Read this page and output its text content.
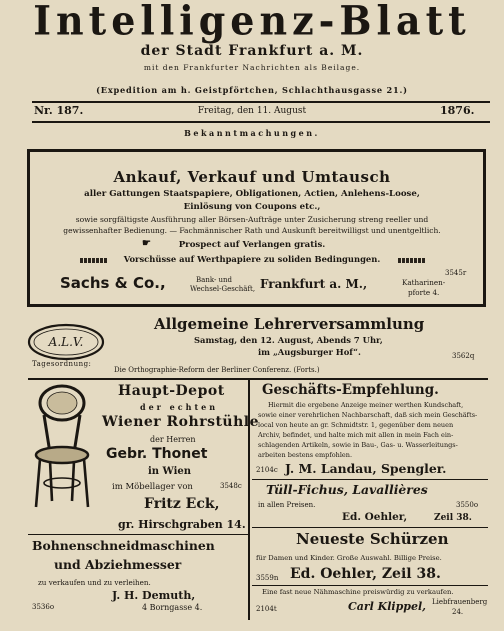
Intelligenz-Blatt
der Stadt Frankfurt a. M.
mit den Frankfurter Nachrichten als Beilage.
(Expedition am h. Geistpförtchen, Schlachthausgasse 21.)
Nr. 187.	Freitag, den 11. August	1876.
Bekanntmachungen.
Ankauf, Verkauf und Umtausch
aller Gattungen Staatspapiere, Obligationen, Actien, Anlehens-Loose,
Einlösung von Coupons etc.,
sowie sorgfältigste Ausführung aller Börsen-Aufträge unter Zusicherung streng reeller und
gewissenhafter Bedienung. — Fachmännischer Rath und Auskunft bereitwilligst und unentgeltlich.
☛	Prospect auf Verlangen gratis.
Vorschüsse auf Werthpapiere zu soliden Bedingungen.
3545r
Sachs & Co.,	Bank- und
Wechsel-Geschäft, Frankfurt a. M.,	Katharinen-
pforte 4.
A.L.V.
Allgemeine Lehrerversammlung
Samstag, den 12. August, Abends 7 Uhr,
im „Augsburger Hof“.	3562q
Tagesordnung:
Die Orthographie-Reform der Berliner Conferenz. (Forts.)
Haupt-Depot
der echten
Wiener Rohrstühle
der Herren
Gebr. Thonet
in Wien
3548c
im Möbellager von
Fritz Eck,
gr. Hirschgraben 14.
Bohnenschneidmaschinen
und Abziehmesser
zu verkaufen und zu verleihen.
J. H. Demuth,
3536o	4 Borngasse 4.
Geschäfts-Empfehlung.
Hiermit die ergebene Anzeige meiner werthen Kundschaft,
sowie einer verehrlichen Nachbarschaft, daß sich mein Geschäfts-
local von heute an gr. Schmidtstr. 1, gegenüber dem neuen
Archiv, befindet, und halte mich mit allen in mein Fach ein-
schlagenden Artikeln, sowie in Bau-, Gas- u. Wasserleitungs-
arbeiten bestens empfohlen.
2104c J. M. Landau, Spengler.
Tüll-Fichus, Lavallières
in allen Preisen.	3550o
Ed. Oehler,	Zeil 38.
Neueste Schürzen
für Damen und Kinder. Große Auswahl. Billige Preise.
3559n Ed. Oehler, Zeil 38.
Eine fast neue Nähmaschine preiswürdig zu verkaufen.
2104t	Carl Klippel, Liebfrauenberg
24.
